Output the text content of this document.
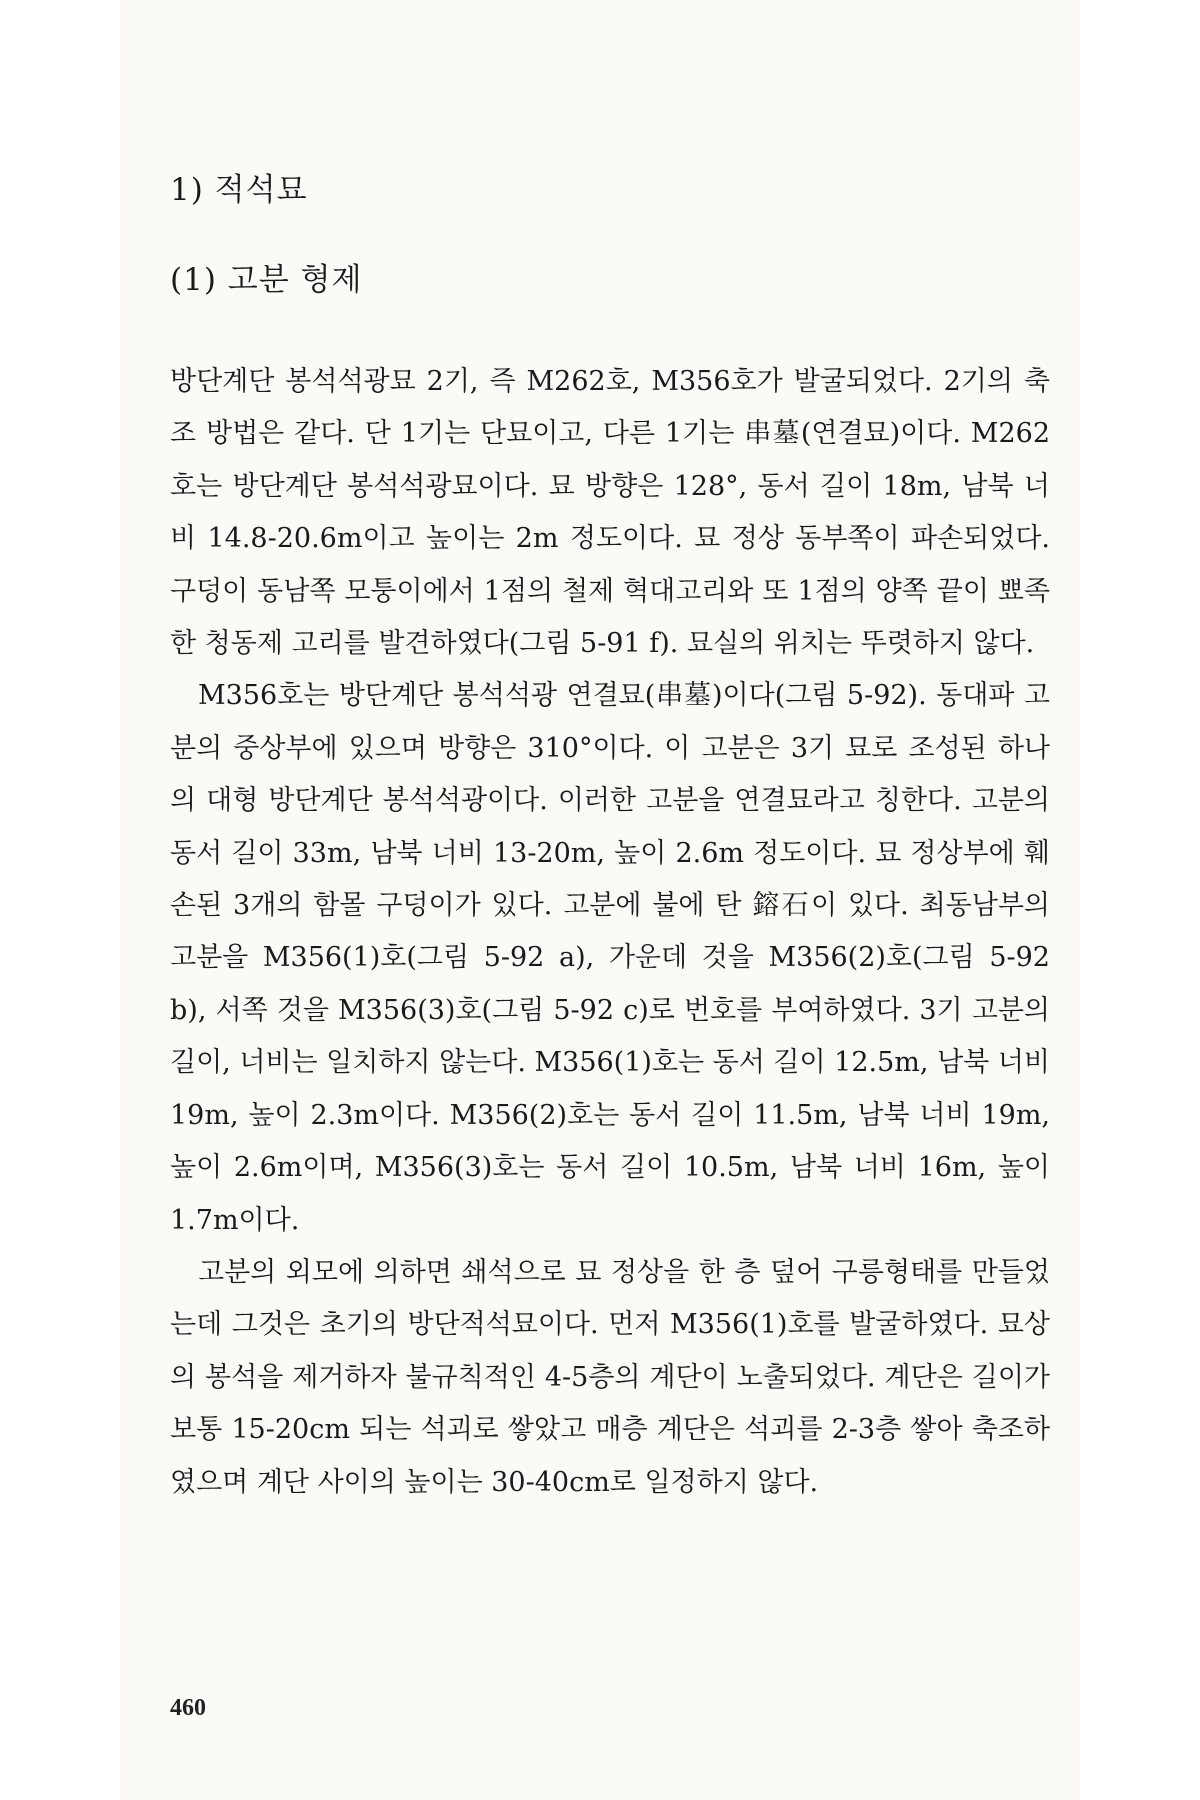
1) 적석묘
(1) 고분 형제

방단계단 봉석석광묘 2기, 즉 M262호, M356호가 발굴되었다. 2기의 축조 방법은 같다. 단 1기는 단묘이고, 다른 1기는 串墓(연결묘)이다. M262호는 방단계단 봉석석광묘이다. 묘 방향은 128°, 동서 길이 18m, 남북 너비 14.8-20.6m이고 높이는 2m 정도이다. 묘 정상 동부쪽이 파손되었다. 구덩이 동남쪽 모퉁이에서 1점의 철제 혁대고리와 또 1점의 양쪽 끝이 뾰족한 청동제 고리를 발견하였다(그림 5-91 f). 묘실의 위치는 뚜렷하지 않다.

M356호는 방단계단 봉석석광 연결묘(串墓)이다(그림 5-92). 동대파 고분의 중상부에 있으며 방향은 310°이다. 이 고분은 3기 묘로 조성된 하나의 대형 방단계단 봉석석광이다. 이러한 고분을 연결묘라고 칭한다. 고분의 동서 길이 33m, 남북 너비 13-20m, 높이 2.6m 정도이다. 묘 정상부에 훼손된 3개의 함몰 구덩이가 있다. 고분에 불에 탄 鎔石이 있다. 최동남부의 고분을 M356(1)호(그림 5-92 a), 가운데 것을 M356(2)호(그림 5-92 b), 서쪽 것을 M356(3)호(그림 5-92 c)로 번호를 부여하였다. 3기 고분의 길이, 너비는 일치하지 않는다. M356(1)호는 동서 길이 12.5m, 남북 너비 19m, 높이 2.3m이다. M356(2)호는 동서 길이 11.5m, 남북 너비 19m, 높이 2.6m이며, M356(3)호는 동서 길이 10.5m, 남북 너비 16m, 높이 1.7m이다.

고분의 외모에 의하면 쇄석으로 묘 정상을 한 층 덮어 구릉형태를 만들었는데 그것은 초기의 방단적석묘이다. 먼저 M356(1)호를 발굴하였다. 묘상의 봉석을 제거하자 불규칙적인 4-5층의 계단이 노출되었다. 계단은 길이가 보통 15-20cm 되는 석괴로 쌓았고 매층 계단은 석괴를 2-3층 쌓아 축조하였으며 계단 사이의 높이는 30-40cm로 일정하지 않다.

460
